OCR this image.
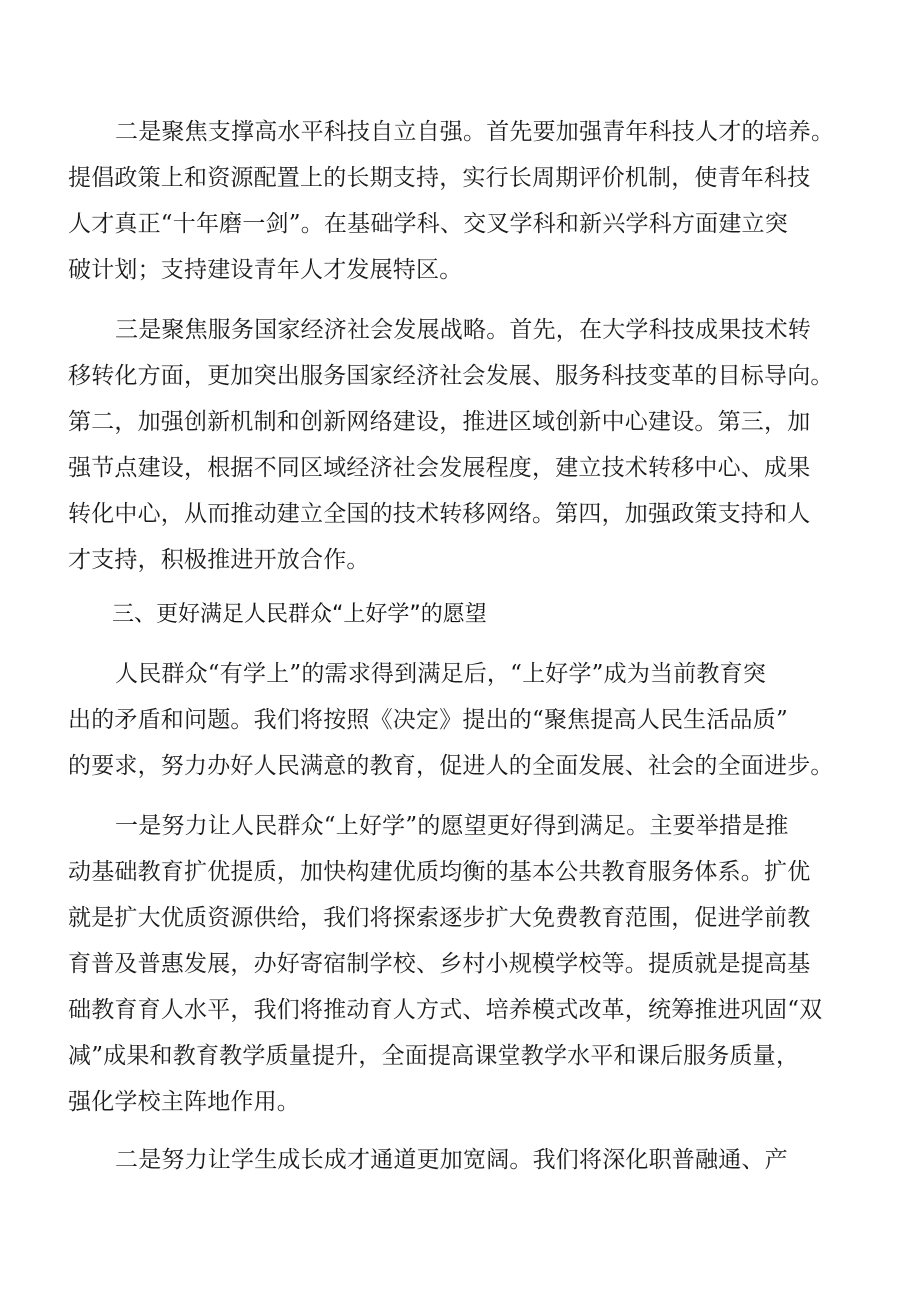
二是聚焦支撑高水平科技自立自强。首先要加强青年科技人才的培养。
提倡政策上和资源配置上的长期支持，实行长周期评价机制，使青年科技
人才真正“十年磨一剑”。在基础学科、交叉学科和新兴学科方面建立突
破计划；支持建设青年人才发展特区。
三是聚焦服务国家经济社会发展战略。首先，在大学科技成果技术转
移转化方面，更加突出服务国家经济社会发展、服务科技变革的目标导向。
第二，加强创新机制和创新网络建设，推进区域创新中心建设。第三，加
强节点建设，根据不同区域经济社会发展程度，建立技术转移中心、成果
转化中心，从而推动建立全国的技术转移网络。第四，加强政策支持和人
才支持，积极推进开放合作。
三、更好满足人民群众“上好学”的愿望
人民群众“有学上”的需求得到满足后，“上好学”成为当前教育突
出的矛盾和问题。我们将按照《决定》提出的“聚焦提高人民生活品质”
的要求，努力办好人民满意的教育，促进人的全面发展、社会的全面进步。
一是努力让人民群众“上好学”的愿望更好得到满足。主要举措是推
动基础教育扩优提质，加快构建优质均衡的基本公共教育服务体系。扩优
就是扩大优质资源供给，我们将探索逐步扩大免费教育范围，促进学前教
育普及普惠发展，办好寄宿制学校、乡村小规模学校等。提质就是提高基
础教育育人水平，我们将推动育人方式、培养模式改革，统筹推进巩固“双
减”成果和教育教学质量提升，全面提高课堂教学水平和课后服务质量，
强化学校主阵地作用。
二是努力让学生成长成才通道更加宽阔。我们将深化职普融通、产
